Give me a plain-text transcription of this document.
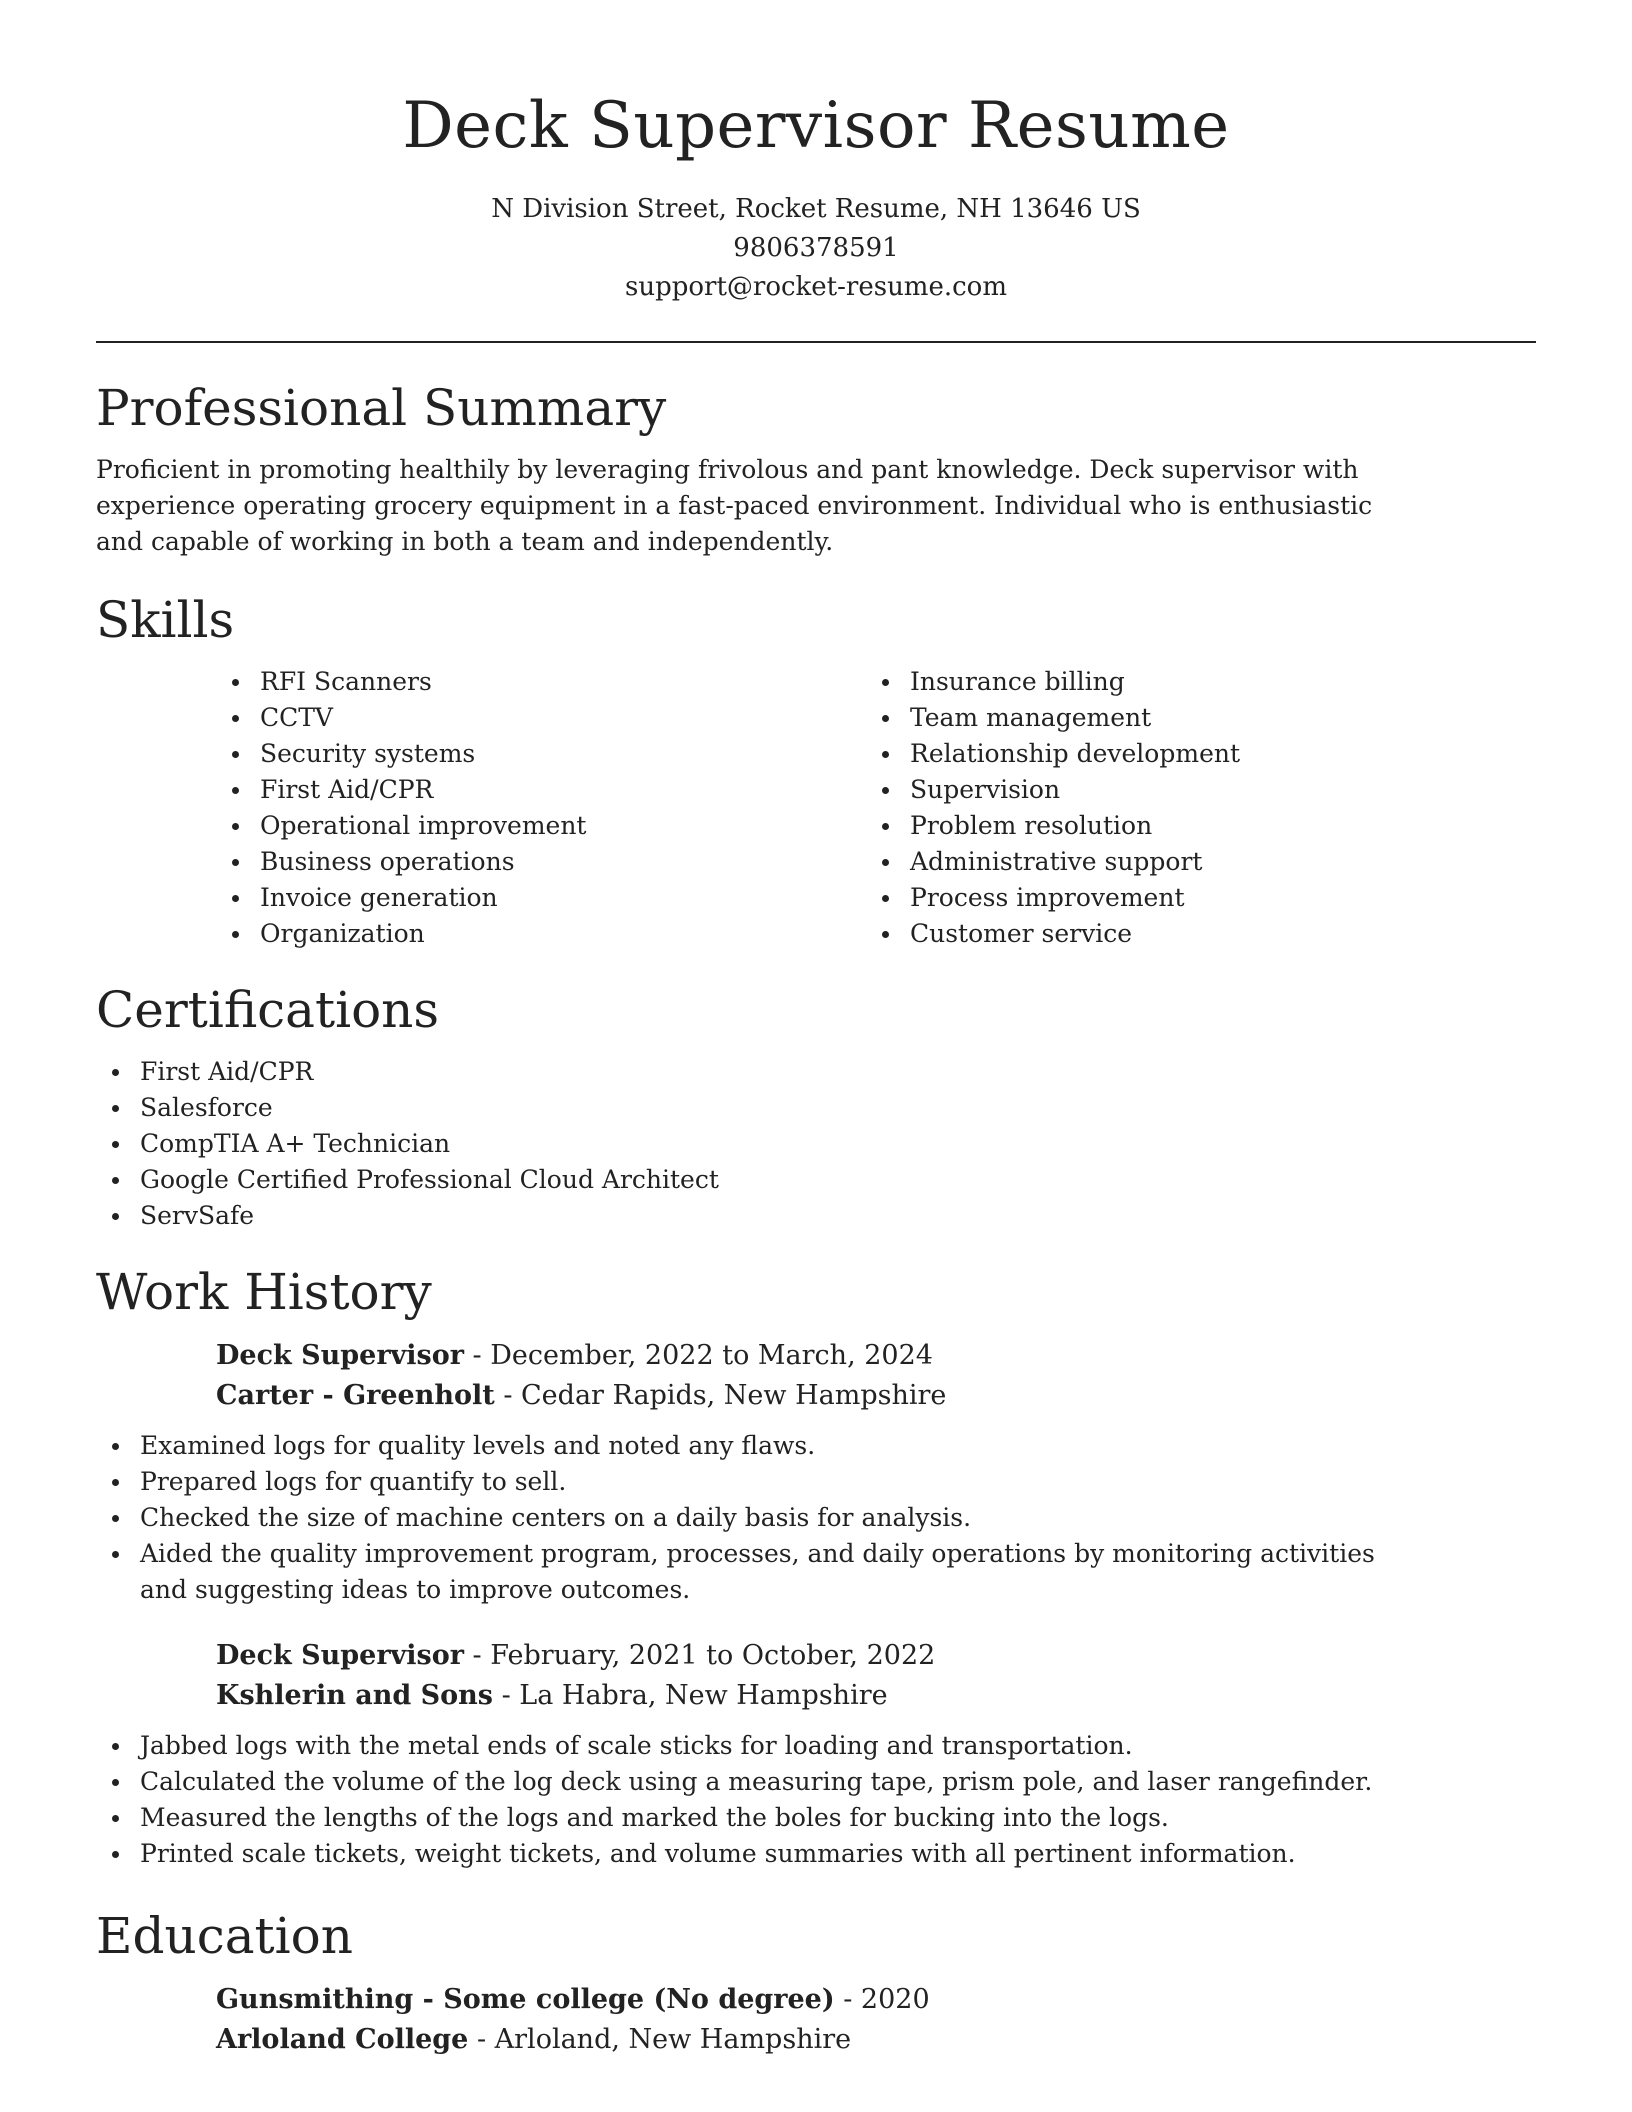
Deck Supervisor Resume
N Division Street, Rocket Resume, NH 13646 US
9806378591
support@rocket-resume.com
Professional Summary

Proficient in promoting healthily by leveraging frivolous and pant knowledge. Deck supervisor with experience operating grocery equipment in a fast-paced environment. Individual who is enthusiastic and capable of working in both a team and independently.

Skills
RFI Scanners
CCTV
Security systems
First Aid/CPR
Operational improvement
Business operations
Invoice generation
Organization
Insurance billing
Team management
Relationship development
Supervision
Problem resolution
Administrative support
Process improvement
Customer service
Certifications
First Aid/CPR
Salesforce
CompTIA A+ Technician
Google Certified Professional Cloud Architect
ServSafe
Work History
Deck Supervisor - December, 2022 to March, 2024
Carter - Greenholt - Cedar Rapids, New Hampshire
Examined logs for quality levels and noted any flaws.
Prepared logs for quantify to sell.
Checked the size of machine centers on a daily basis for analysis.
Aided the quality improvement program, processes, and daily operations by monitoring activities and suggesting ideas to improve outcomes.
Deck Supervisor - February, 2021 to October, 2022
Kshlerin and Sons - La Habra, New Hampshire
Jabbed logs with the metal ends of scale sticks for loading and transportation.
Calculated the volume of the log deck using a measuring tape, prism pole, and laser rangefinder.
Measured the lengths of the logs and marked the boles for bucking into the logs.
Printed scale tickets, weight tickets, and volume summaries with all pertinent information.
Education
Gunsmithing - Some college (No degree) - 2020
Arloland College - Arloland, New Hampshire
